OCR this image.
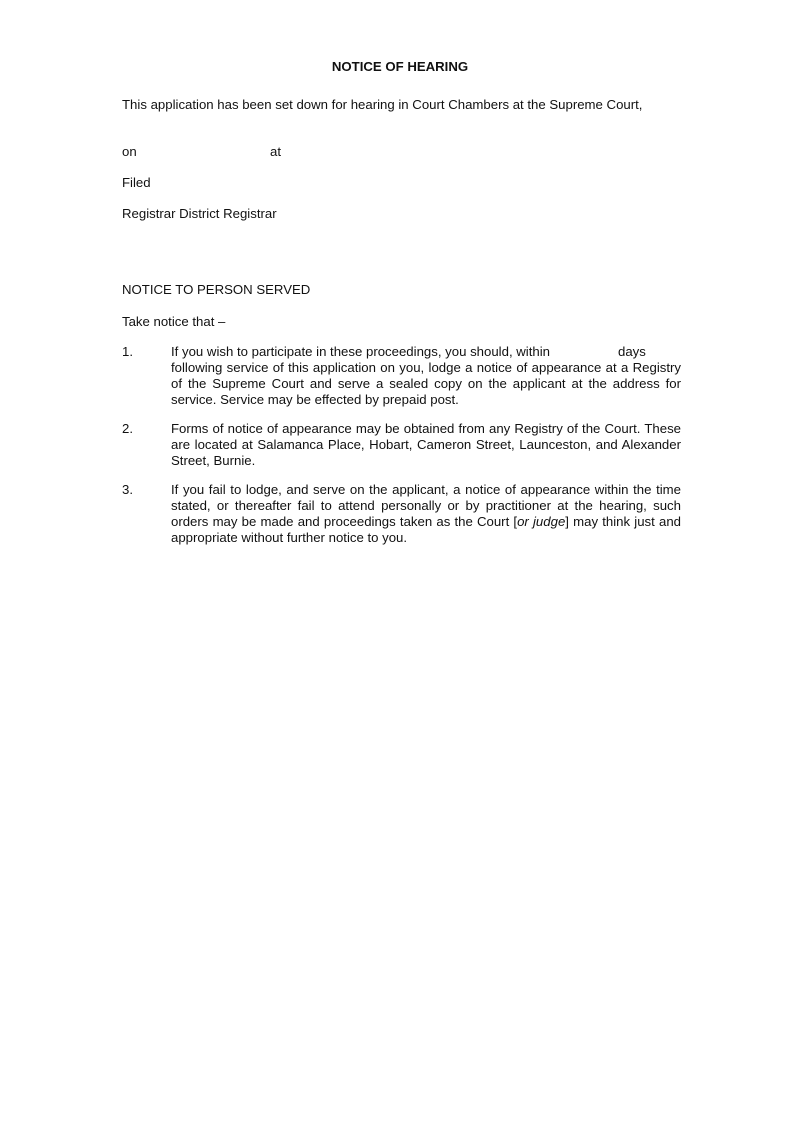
NOTICE OF HEARING
This application has been set down for hearing in Court Chambers at the Supreme Court,
on	at
Filed
Registrar District Registrar
NOTICE TO PERSON SERVED
Take notice that –
1.	If you wish to participate in these proceedings, you should, within	days
following service of this application on you, lodge a notice of appearance at a Registry
of the Supreme Court and serve a sealed copy on the applicant at the address for
service. Service may be effected by prepaid post.
2.	Forms of notice of appearance may be obtained from any Registry of the Court. These
are located at Salamanca Place, Hobart, Cameron Street, Launceston, and Alexander
Street, Burnie.
3.	If you fail to lodge, and serve on the applicant, a notice of appearance within the time
stated, or thereafter fail to attend personally or by practitioner at the hearing, such
orders may be made and proceedings taken as the Court [or judge] may think just and
appropriate without further notice to you.
